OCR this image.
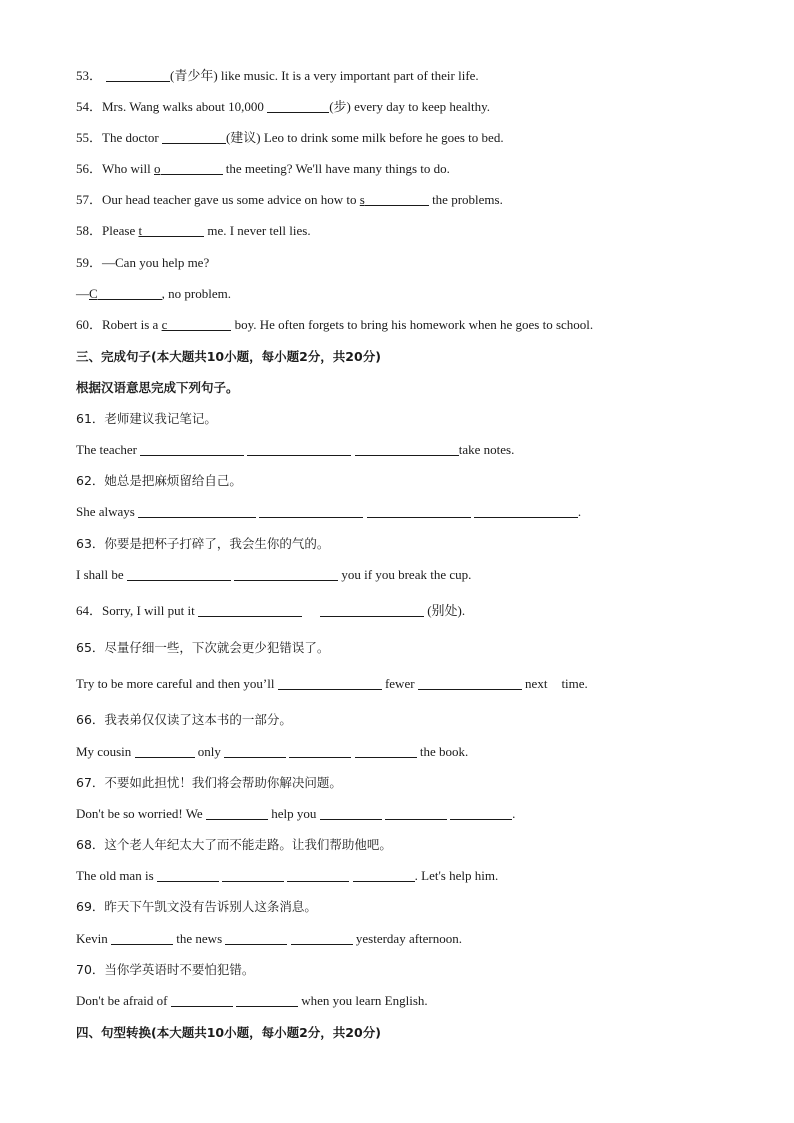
53．	(青少年) like music. It is a very important part of their life.
54．Mrs. Wang walks about 10,000	(步) every day to keep healthy.
55．The doctor	(建议) Leo to drink some milk before he goes to bed.
56．Who will o	the meeting? We'll have many things to do.
57．Our head teacher gave us some advice on how to s	the problems.
58．Please t	me. I never tell lies.
59．—Can you help me?
—C	, no problem.
60．Robert is a c	boy. He often forgets to bring his homework when he goes to school.
三、完成句子(本大题共10小题，每小题2分，共20分)
根据汉语意思完成下列句子。
61．老师建议我记笔记。
The teacher	take notes.
62．她总是把麻烦留给自己。
She always	.
63．你要是把杯子打碎了，我会生你的气的。
I shall be	you if you break the cup.
64．Sorry, I will put it	(别处).
65．尽量仔细一些，下次就会更少犯错误了。
Try to be more careful and then you’ll	fewer	next time.
66．我表弟仅仅读了这本书的一部分。
My cousin	only	the book.
67．不要如此担忧！我们将会帮助你解决问题。
Don't be so worried! We	help you	.
68．这个老人年纪太大了而不能走路。让我们帮助他吧。
The old man is	. Let's help him.
69．昨天下午凯文没有告诉别人这条消息。
Kevin	the news	yesterday afternoon.
70．当你学英语时不要怕犯错。
Don't be afraid of	when you learn English.
四、句型转换(本大题共10小题，每小题2分，共20分)
